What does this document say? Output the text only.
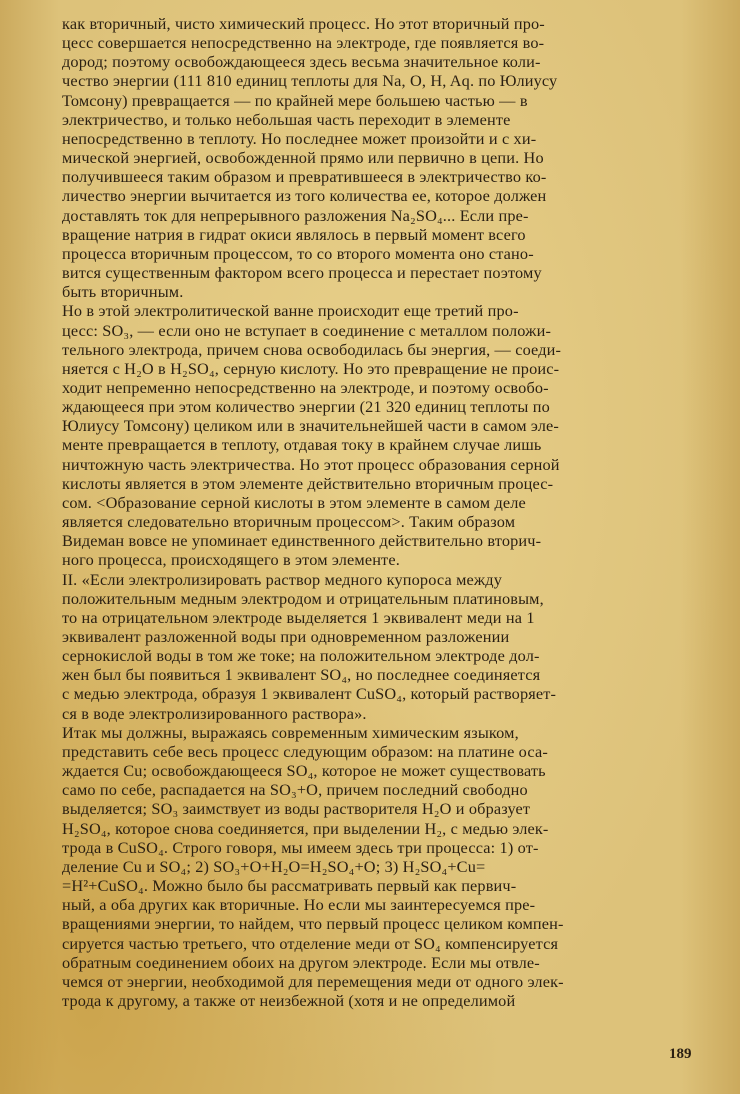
как вторичный, чисто химический процесс. Но этот вторичный про-
цесс совершается непосредственно на электроде, где появляется во-
дород; поэтому освобождающееся здесь весьма значительное коли-
чество энергии (111 810 единиц теплоты для Na, O, H, Aq. по Юлиусу
Томсону) превращается — по крайней мере большею частью — в
электричество, и только небольшая часть переходит в элементе
непосредственно в теплоту. Но последнее может произойти и с хи-
мической энергией, освобожденной прямо или первично в цепи. Но
получившееся таким образом и превратившееся в электричество ко-
личество энергии вычитается из того количества ее, которое должен
доставлять ток для непрерывного разложения Na₂SO₄... Если пре-
вращение натрия в гидрат окиси являлось в первый момент всего
процесса вторичным процессом, то со второго момента оно стано-
вится существенным фактором всего процесса и перестает поэтому
быть вторичным.

Но в этой электролитической ванне происходит еще третий про-
цесс: SO₃, — если оно не вступает в соединение с металлом положи-
тельного электрода, причем снова освободилась бы энергия, — соеди-
няется с H₂O в H₂SO₄, серную кислоту. Но это превращение не проис-
ходит непременно непосредственно на электроде, и поэтому освобо-
ждающееся при этом количество энергии (21 320 единиц теплоты по
Юлиусу Томсону) целиком или в значительнейшей части в самом эле-
менте превращается в теплоту, отдавая току в крайнем случае лишь
ничтожную часть электричества. Но этот процесс образования серной
кислоты является в этом элементе действительно вторичным процес-
сом. <Образование серной кислоты в этом элементе в самом деле
является следовательно вторичным процессом>. Таким образом
Видеман вовсе не упоминает единственного действительно вторич-
ного процесса, происходящего в этом элементе.

II. «Если электролизировать раствор медного купороса между
положительным медным электродом и отрицательным платиновым,
то на отрицательном электроде выделяется 1 эквивалент меди на 1
эквивалент разложенной воды при одновременном разложении
сернокислой воды в том же токе; на положительном электроде дол-
жен был бы появиться 1 эквивалент SO₄, но последнее соединяется
с медью электрода, образуя 1 эквивалент CuSO₄, который растворяет-
ся в воде электролизированного раствора».

Итак мы должны, выражаясь современным химическим языком,
представить себе весь процесс следующим образом: на платине оса-
ждается Cu; освобождающееся SO₄, которое не может существовать
само по себе, распадается на SO₃+O, причем последний свободно
выделяется; SO₃ заимствует из воды растворителя H₂O и образует
H₂SO₄, которое снова соединяется, при выделении H₂, с медью элек-
трода в CuSO₄. Строго говоря, мы имеем здесь три процесса: 1) от-
деление Cu и SO₄; 2) SO₃+O+H₂O=H₂SO₄+O; 3) H₂SO₄+Cu=
=H²+CuSO₄. Можно было бы рассматривать первый как первич-
ный, а оба других как вторичные. Но если мы заинтересуемся пре-
вращениями энергии, то найдем, что первый процесс целиком компен-
сируется частью третьего, что отделение меди от SO₄ компенсируется
обратным соединением обоих на другом электроде. Если мы отвле-
чемся от энергии, необходимой для перемещения меди от одного элек-
трода к другому, а также от неизбежной (хотя и не определимой

189
